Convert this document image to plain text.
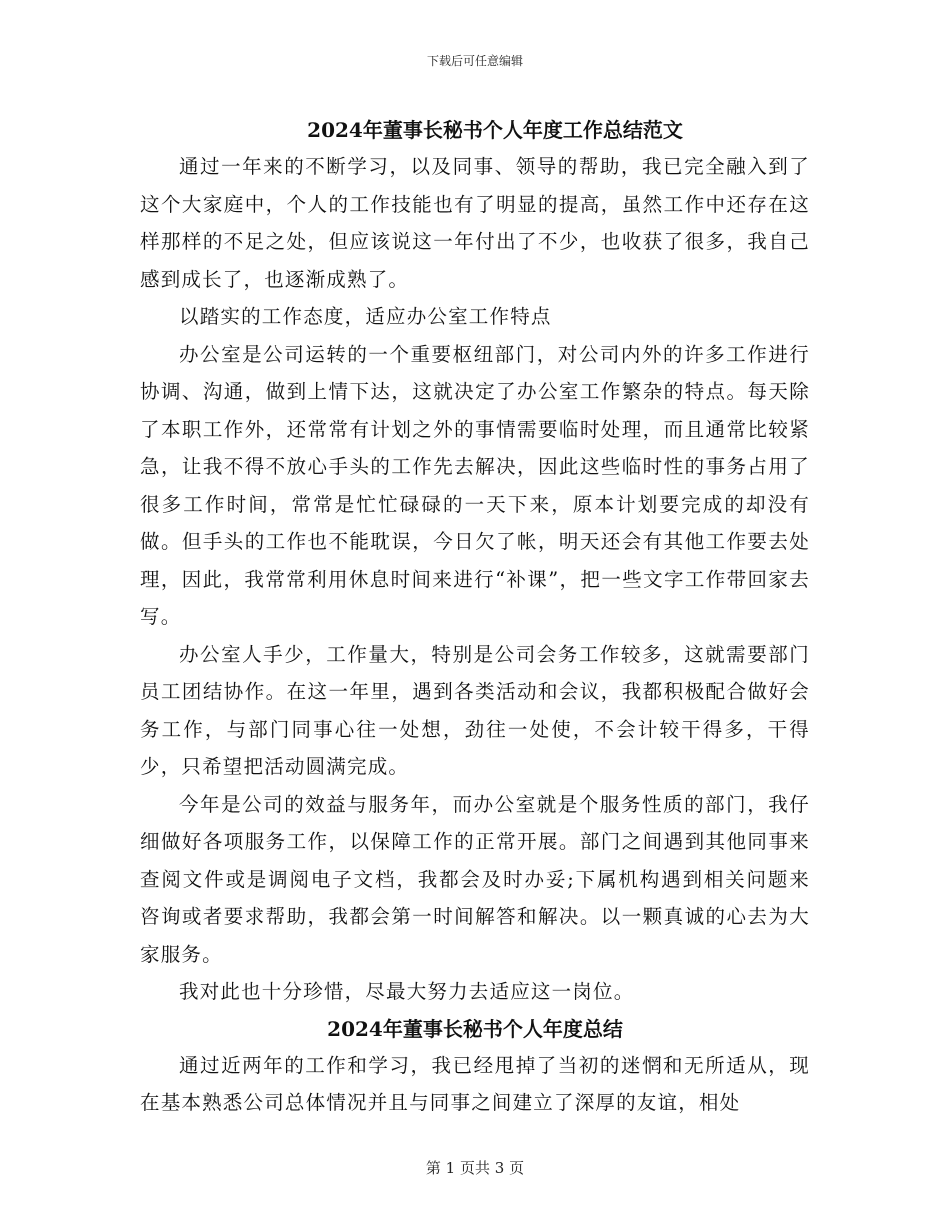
下载后可任意编辑
2024年董事长秘书个人年度工作总结范文

通过一年来的不断学习，以及同事、领导的帮助，我已完全融入到了这个大家庭中，个人的工作技能也有了明显的提高，虽然工作中还存在这样那样的不足之处，但应该说这一年付出了不少，也收获了很多，我自己感到成长了，也逐渐成熟了。

以踏实的工作态度，适应办公室工作特点

办公室是公司运转的一个重要枢纽部门，对公司内外的许多工作进行协调、沟通，做到上情下达，这就决定了办公室工作繁杂的特点。每天除了本职工作外，还常常有计划之外的事情需要临时处理，而且通常比较紧急，让我不得不放心手头的工作先去解决，因此这些临时性的事务占用了很多工作时间，常常是忙忙碌碌的一天下来，原本计划要完成的却没有做。但手头的工作也不能耽误，今日欠了帐，明天还会有其他工作要去处理，因此，我常常利用休息时间来进行“补课”，把一些文字工作带回家去写。

办公室人手少，工作量大，特别是公司会务工作较多，这就需要部门员工团结协作。在这一年里，遇到各类活动和会议，我都积极配合做好会务工作，与部门同事心往一处想，劲往一处使，不会计较干得多，干得少，只希望把活动圆满完成。

今年是公司的效益与服务年，而办公室就是个服务性质的部门，我仔细做好各项服务工作，以保障工作的正常开展。部门之间遇到其他同事来查阅文件或是调阅电子文档，我都会及时办妥;下属机构遇到相关问题来咨询或者要求帮助，我都会第一时间解答和解决。以一颗真诚的心去为大家服务。

我对此也十分珍惜，尽最大努力去适应这一岗位。

2024年董事长秘书个人年度总结

通过近两年的工作和学习，我已经甩掉了当初的迷惘和无所适从，现在基本熟悉公司总体情况并且与同事之间建立了深厚的友谊，相处

第 1 页共 3 页
